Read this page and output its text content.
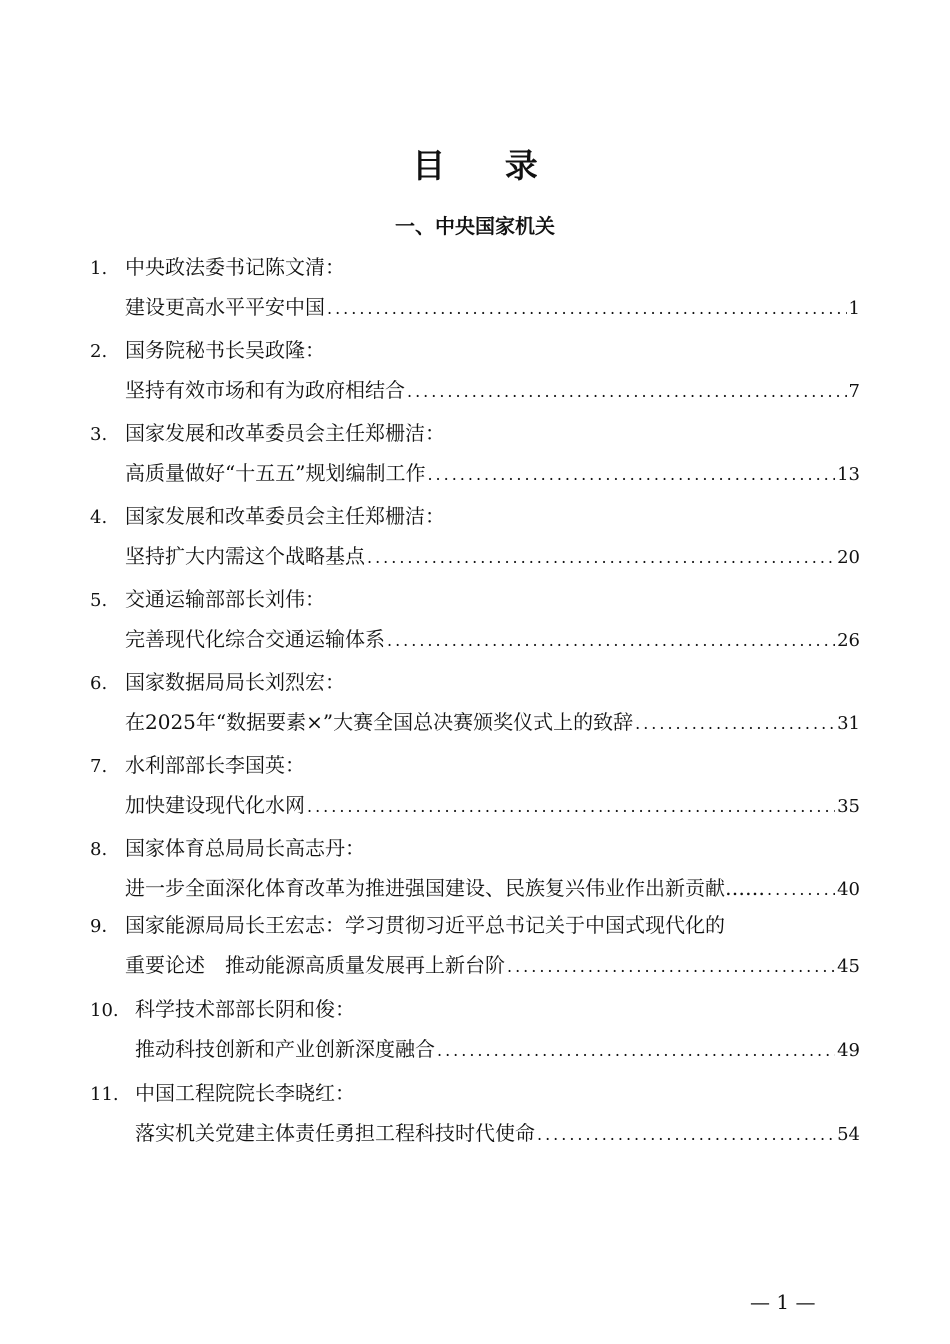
目 录
一、中央国家机关
1. 中央政法委书记陈文清：
建设更高水平平安中国 .....	1
2. 国务院秘书长吴政隆：
坚持有效市场和有为政府相结合 .....	7
3. 国家发展和改革委员会主任郑栅洁：
高质量做好“十五五”规划编制工作 .....	13
4. 国家发展和改革委员会主任郑栅洁：
坚持扩大内需这个战略基点 .....	20
5. 交通运输部部长刘伟：
完善现代化综合交通运输体系 .....	26
6. 国家数据局局长刘烈宏：
在2025年“数据要素×”大赛全国总决赛颁奖仪式上的致辞 .....	31
7. 水利部部长李国英：
加快建设现代化水网 .....	35
8. 国家体育总局局长高志丹：
进一步全面深化体育改革为推进强国建设、民族复兴伟业作出新贡献…… .....	40
9． 国家能源局局长王宏志：学习贯彻习近平总书记关于中国式现代化的
重要论述　推动能源高质量发展再上新台阶 .....	45
10. 科学技术部部长阴和俊：
推动科技创新和产业创新深度融合 .....	49
11. 中国工程院院长李晓红：
落实机关党建主体责任勇担工程科技时代使命 .....	54
— 1 —
